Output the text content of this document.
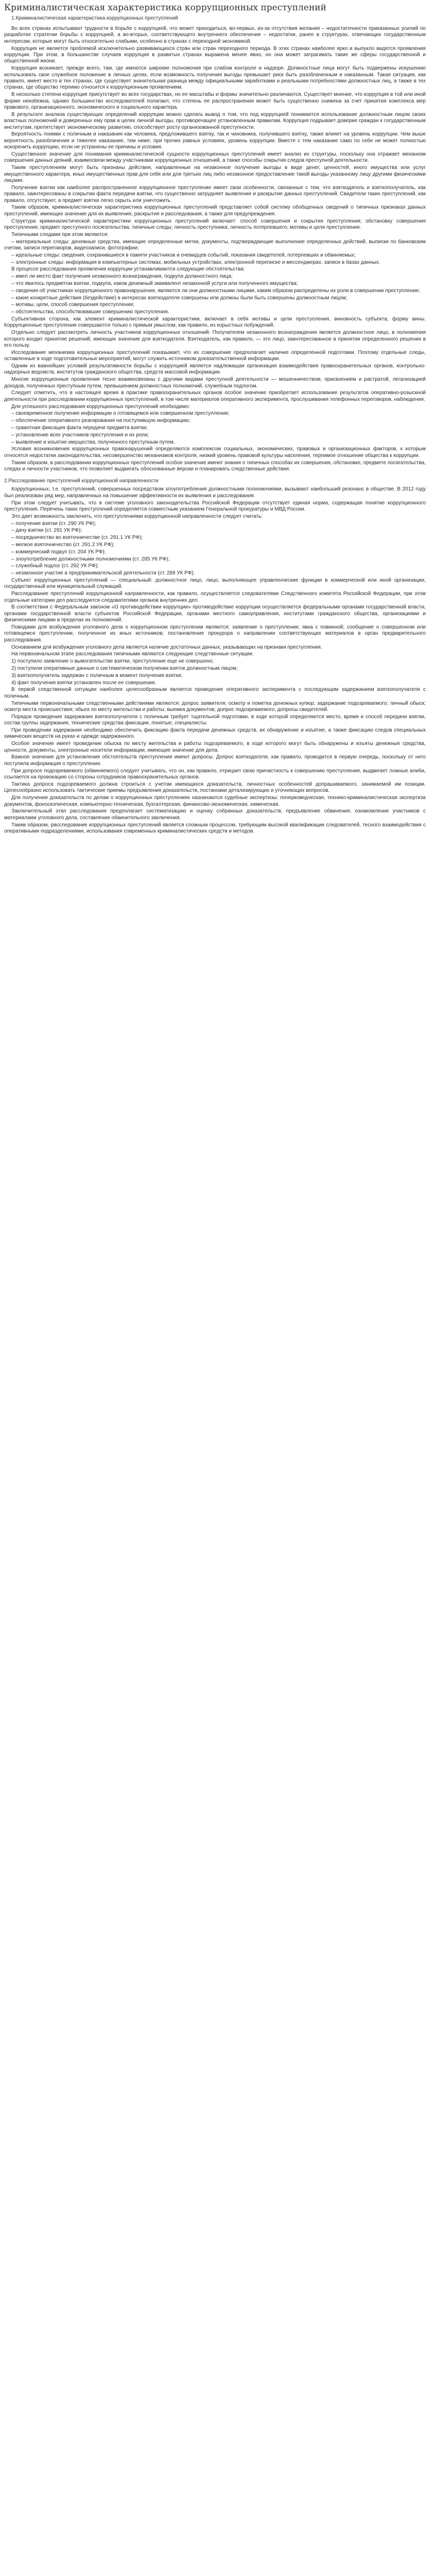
Криминалистическая характеристика коррупционных преступлений
1.Криминалистическая характеристика коррупционных преступлений

Во всех странах испытывают трудности в борьбе с коррупцией, что может приходиться, во-первых, из-за отсутствия желания – недостаточности приказанных усилий по разработке стратегии борьбы с коррупцией, а во-вторых, соответствующего внутреннего обеспечения – недостатки, ранее в структурах, отвечающих государственным интересам, которые могут быть относительно слабыми, особенно в странах с переходной экономикой.

Коррупция не является проблемой исключительно развивающихся стран или стран переходного периода. В этих странах наиболее ярко и выпукло видятся проявления коррупции. При этом, в большинстве случаев коррупция в развитых странах выражена менее явно, но она может затрагивать такие же сферы государственной и общественной жизни.

Коррупция возникает, прежде всего, там, где имеются широкие полномочия при слабом контроле и надзоре. Должностные лица могут быть подвержены искушению использовать свое служебное положение в личных целях, если возможность получения выгоды превышает риск быть разоблаченным и наказанным. Такая ситуация, как правило, имеет место в тех странах, где существует значительная разница между официальными заработками и реальными потребностями должностных лиц, а также в тех странах, где общество терпимо относится к коррупционным проявлениям.

В несколько степени коррупция присутствует во всех государствах, но ее масштабы и формы значительно различаются. Существует мнение, что коррупция в той или иной форме неизбежна, однако большинство исследователей полагают, что степень ее распространения может быть существенно снижена за счет принятия комплекса мер правового, организационного, экономического и социального характера.

В результате анализа существующих определений коррупции можно сделать вывод о том, что под коррупцией понимается использование должностным лицом своих властных полномочий и доверенных ему прав в целях личной выгоды, противоречащее установленным правилам. Коррупция подрывает доверие граждан к государственным институтам, препятствует экономическому развитию, способствует росту организованной преступности.

Вероятность поимки с поличным и наказания как человека, предложившего взятку, так и чиновника, получившего взятку, также влияет на уровень коррупции. Чем выше вероятность разоблачения и тяжелее наказание, тем ниже, при прочих равных условиях, уровень коррупции. Вместе с тем наказание само по себе не может полностью искоренить коррупцию, если не устранены ее причины и условия.

Существенное значение для понимания криминалистической сущности коррупционных преступлений имеет анализ их структуры, поскольку она отражает механизм совершения данных деяний, взаимосвязи между участниками коррупционных отношений, а также способы сокрытия следов преступной деятельности.

Таким преступлением могут быть признаны действия, направленные на незаконное получение выгоды в виде денег, ценностей, иного имущества или услуг имущественного характера, иных имущественных прав для себя или для третьих лиц либо незаконное предоставление такой выгоды указанному лицу другими физическими лицами.

Получение взятки как наиболее распространенное коррупционное преступление имеет свои особенности, связанные с тем, что взяткодатель и взяткополучатель, как правило, заинтересованы в сокрытии факта передачи взятки, что существенно затрудняет выявление и раскрытие данных преступлений. Свидетели таких преступлений, как правило, отсутствуют, а предмет взятки легко скрыть или уничтожить.

Таким образом, криминалистическая характеристика коррупционных преступлений представляет собой систему обобщенных сведений о типичных признаках данных преступлений, имеющих значение для их выявления, раскрытия и расследования, а также для предупреждения.

Структура криминалистической характеристики коррупционных преступлений включает: способ совершения и сокрытия преступления; обстановку совершения преступления; предмет преступного посягательства; типичные следы; личность преступника; личность потерпевшего; мотивы и цели преступления.

Типичными следами при этом являются:

– материальные следы: денежные средства, имеющие определенные метки, документы, подтверждающие выполнение определенных действий, выписки по банковским счетам, записи переговоров, видеозаписи, фотографии;

– идеальные следы: сведения, сохранившиеся в памяти участников и очевидцев событий, показания свидетелей, потерпевших и обвиняемых;

– электронные следы: информация в компьютерных системах, мобильных устройствах, электронной переписке и мессенджерах, записи в базах данных.

В процессе расследования проявления коррупции устанавливаются следующие обстоятельства:

– имел ли место факт получения незаконного вознаграждения, подкупа должностного лица;

– что явилось предметом взятки, подкупа, каков денежный эквивалент незаконной услуги или полученного имущества;

– сведения об участниках коррупционного правонарушения, являются ли они должностными лицами, каким образом распределены их роли в совершении преступления;

– какие конкретные действия (бездействие) в интересах взяткодателя совершены или должны были быть совершены должностным лицом;

– мотивы, цели, способ совершения преступления;

– обстоятельства, способствовавшие совершению преступления.

Субъективная сторона, как элемент криминалистической характеристики, включает в себя мотивы и цели преступления, виновность субъекта, форму вины. Коррупционные преступления совершаются только с прямым умыслом, как правило, из корыстных побуждений.

Отдельно следует рассмотреть личность участников коррупционных отношений. Получателем незаконного вознаграждения является должностное лицо, в полномочия которого входит принятие решений, имеющих значение для взяткодателя. Взяткодатель, как правило, — это лицо, заинтересованное в принятии определенного решения в его пользу.

Исследование механизма коррупционных преступлений показывает, что их совершение предполагает наличие определенной подготовки. Поэтому отдельные следы, оставленные в ходе подготовительных мероприятий, могут служить источником доказательственной информации.

Одним из важнейших условий результативности борьбы с коррупцией является надлежащая организация взаимодействия правоохранительных органов, контрольно-надзорных ведомств, институтов гражданского общества, средств массовой информации.

Многие коррупционные проявления тесно взаимосвязаны с другими видами преступной деятельности — мошенничеством, присвоением и растратой, легализацией доходов, полученных преступным путем, превышением должностных полномочий, служебным подлогом.

Следует отметить, что в настоящее время в практике правоохранительных органов особое значение приобретает использование результатов оперативно-розыскной деятельности при расследовании коррупционных преступлений, в том числе материалов оперативного эксперимента, прослушивания телефонных переговоров, наблюдения.

Для успешного расследования коррупционных преступлений необходимо:

– своевременное получение информации о готовящемся или совершенном преступлении;

– обеспечение оперативного реагирования на поступившую информацию;

– грамотная фиксация факта передачи предмета взятки;

– установление всех участников преступления и их роли;

– выявление и изъятие имущества, полученного преступным путем.

Условия возникновения коррупционных правонарушений определяются комплексом социальных, экономических, правовых и организационных факторов, к которым относятся недостатки законодательства, несовершенство механизмов контроля, низкий уровень правовой культуры населения, терпимое отношение общества к коррупции.

Таким образом, в расследовании коррупционных преступлений особое значение имеют знания о типичных способах их совершения, обстановке, предмете посягательства, следах и личности участников, что позволяет выдвигать обоснованные версии и планировать следственные действия.

2.Расследование преступлений коррупционной направленности

Коррупционных, т.е. преступлений, совершенных посредством злоупотребления должностными полномочиями, вызывают наибольший резонанс в обществе. В 2012 году был реализован ряд мер, направленных на повышение эффективности их выявления и расследования.

При этом следует учитывать, что в системе уголовного законодательства Российской Федерации отсутствует единая норма, содержащая понятие коррупционного преступления. Перечень таких преступлений определяется совместным указанием Генеральной прокуратуры и МВД России.

Это дает возможность заключить, что преступлениями коррупционной направленности следует считать:

– получение взятки (ст. 290 УК РФ);

– дачу взятки (ст. 291 УК РФ);

– посредничество во взяточничестве (ст. 291.1 УК РФ);

– мелкое взяточничество (ст. 291.2 УК РФ);

– коммерческий подкуп (ст. 204 УК РФ);

– злоупотребление должностными полномочиями (ст. 285 УК РФ);

– служебный подлог (ст. 292 УК РФ);

– незаконное участие в предпринимательской деятельности (ст. 289 УК РФ).

Субъект коррупционных преступлений — специальный: должностное лицо, лицо, выполняющее управленческие функции в коммерческой или иной организации, государственный или муниципальный служащий.

Расследование преступлений коррупционной направленности, как правило, осуществляется следователями Следственного комитета Российской Федерации, при этом отдельные категории дел расследуются следователями органов внутренних дел.

В соответствии с Федеральным законом «О противодействии коррупции» противодействие коррупции осуществляется федеральными органами государственной власти, органами государственной власти субъектов Российской Федерации, органами местного самоуправления, институтами гражданского общества, организациями и физическими лицами в пределах их полномочий.

Поводами для возбуждения уголовного дела о коррупционном преступлении являются: заявление о преступлении; явка с повинной; сообщение о совершенном или готовящемся преступлении, полученное из иных источников; постановление прокурора о направлении соответствующих материалов в орган предварительного расследования.

Основанием для возбуждения уголовного дела является наличие достаточных данных, указывающих на признаки преступления.

На первоначальном этапе расследования типичными являются следующие следственные ситуации:

1) поступило заявление о вымогательстве взятки, преступление еще не совершено;

2) поступили оперативные данные о систематическом получении взяток должностным лицом;

3) взяткополучатель задержан с поличным в момент получения взятки;

4) факт получения взятки установлен после ее совершения.

В первой следственной ситуации наиболее целесообразным является проведение оперативного эксперимента с последующим задержанием взяткополучателя с поличным.

Типичными первоначальными следственными действиями являются: допрос заявителя; осмотр и пометка денежных купюр; задержание подозреваемого; личный обыск; осмотр места происшествия; обыск по месту жительства и работы; выемка документов; допрос подозреваемого; допросы свидетелей.

Порядок проведения задержания взяткополучателя с поличным требует тщательной подготовки, в ходе которой определяются место, время и способ передачи взятки, состав группы задержания, технические средства фиксации, понятые, специалисты.

При проведении задержания необходимо обеспечить фиксацию факта передачи денежных средств, их обнаружение и изъятие, а также фиксацию следов специальных химических веществ на руках и одежде задержанного.

Особое значение имеет проведение обыска по месту жительства и работы подозреваемого, в ходе которого могут быть обнаружены и изъяты денежные средства, ценности, документы, электронные носители информации, имеющие значение для дела.

Важное значение для установления обстоятельств преступления имеют допросы. Допрос взяткодателя, как правило, проводится в первую очередь, поскольку от него поступила информация о преступлении.

При допросе подозреваемого (обвиняемого) следует учитывать, что он, как правило, отрицает свою причастность к совершению преступления, выдвигает ложные алиби, ссылается на провокацию со стороны сотрудников правоохранительных органов.

Тактика допроса подозреваемого должна строиться с учетом имеющихся доказательств, личностных особенностей допрашиваемого, занимаемой им позиции. Целесообразно использовать тактические приемы предъявления доказательств, постановки детализирующих и уточняющих вопросов.

Для получения доказательств по делам о коррупционных преступлениях назначаются судебные экспертизы: почерковедческая, технико-криминалистическая экспертиза документов, фоноскопическая, компьютерно-техническая, бухгалтерская, финансово-экономическая, химическая.

Заключительный этап расследования предполагает систематизацию и оценку собранных доказательств, предъявление обвинения, ознакомление участников с материалами уголовного дела, составление обвинительного заключения.

Таким образом, расследование коррупционных преступлений является сложным процессом, требующим высокой квалификации следователей, тесного взаимодействия с оперативными подразделениями, использования современных криминалистических средств и методов.
